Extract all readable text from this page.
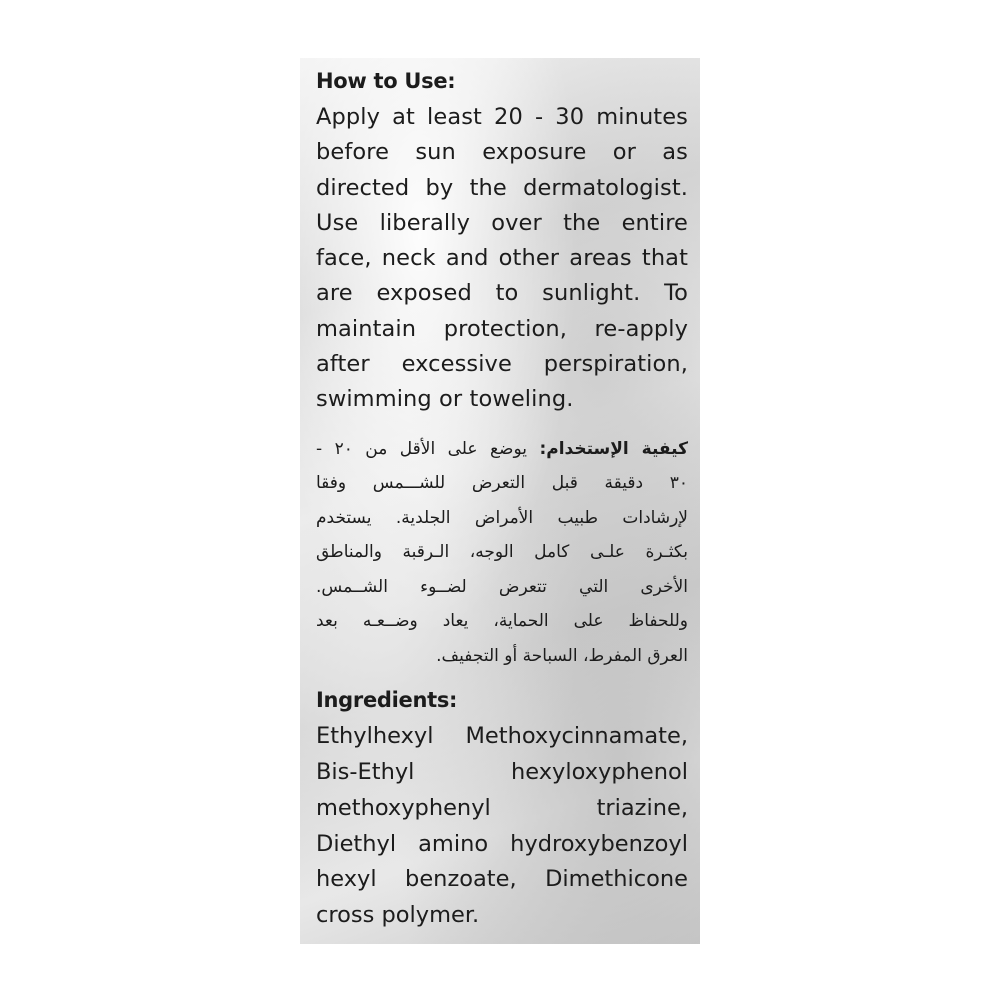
How to Use:
Apply at least 20 - 30 minutes
before sun exposure or as
directed by the dermatologist.
Use liberally over the entire
face, neck and other areas that
are exposed to sunlight. To
maintain protection, re-apply
after excessive perspiration,
swimming or toweling.
كيفية الإستخدام: يوضع على الأقل من ٢٠ -
٣٠ دقيقة قبل التعرض للشـــمس وفقا
لإرشادات طبيب الأمراض الجلدية. يستخدم
بكثـرة علـى كامل الوجه، الـرقبة والمناطق
الأخرى التي تتعرض لضــوء الشــمس.
وللحفاظ على الحماية، يعاد وضــعـه بعد
العرق المفرط، السباحة أو التجفيف.
Ingredients:
Ethylhexyl Methoxycinnamate,
Bis-Ethyl hexyloxyphenol
methoxyphenyl triazine,
Diethyl amino hydroxybenzoyl
hexyl benzoate, Dimethicone
cross polymer.
